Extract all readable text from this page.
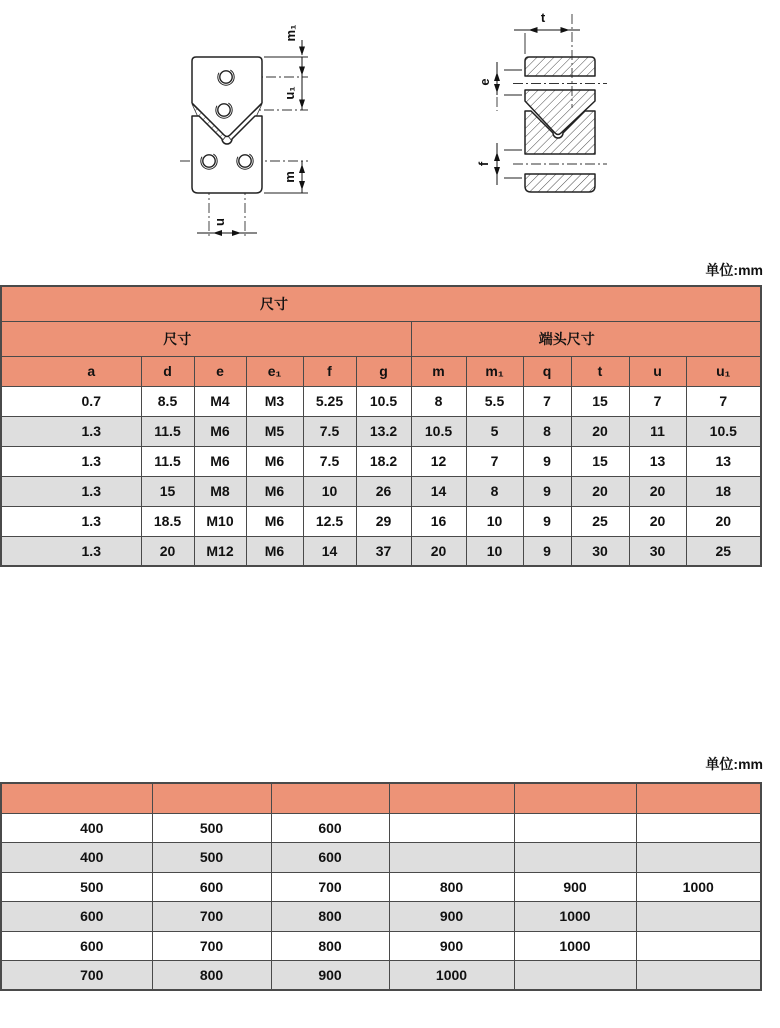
m₁
u₁
m
u
t
e
f
单位:mm
单位:mm
尺寸											
尺寸						端头尺寸					
a	d	e	e₁	f	g	m	m₁	q	t	u	u₁
0.7	8.5	M4	M3	5.25	10.5	8	5.5	7	15	7	7
1.3	11.5	M6	M5	7.5	13.2	10.5	5	8	20	11	10.5
1.3	11.5	M6	M6	7.5	18.2	12	7	9	15	13	13
1.3	15	M8	M6	10	26	14	8	9	20	20	18
1.3	18.5	M10	M6	12.5	29	16	10	9	25	20	20
1.3	20	M12	M6	14	37	20	10	9	30	30	25

400	500	600			
400	500	600			
500	600	700	800	900	1000
600	700	800	900	1000	
600	700	800	900	1000	
700	800	900	1000		
